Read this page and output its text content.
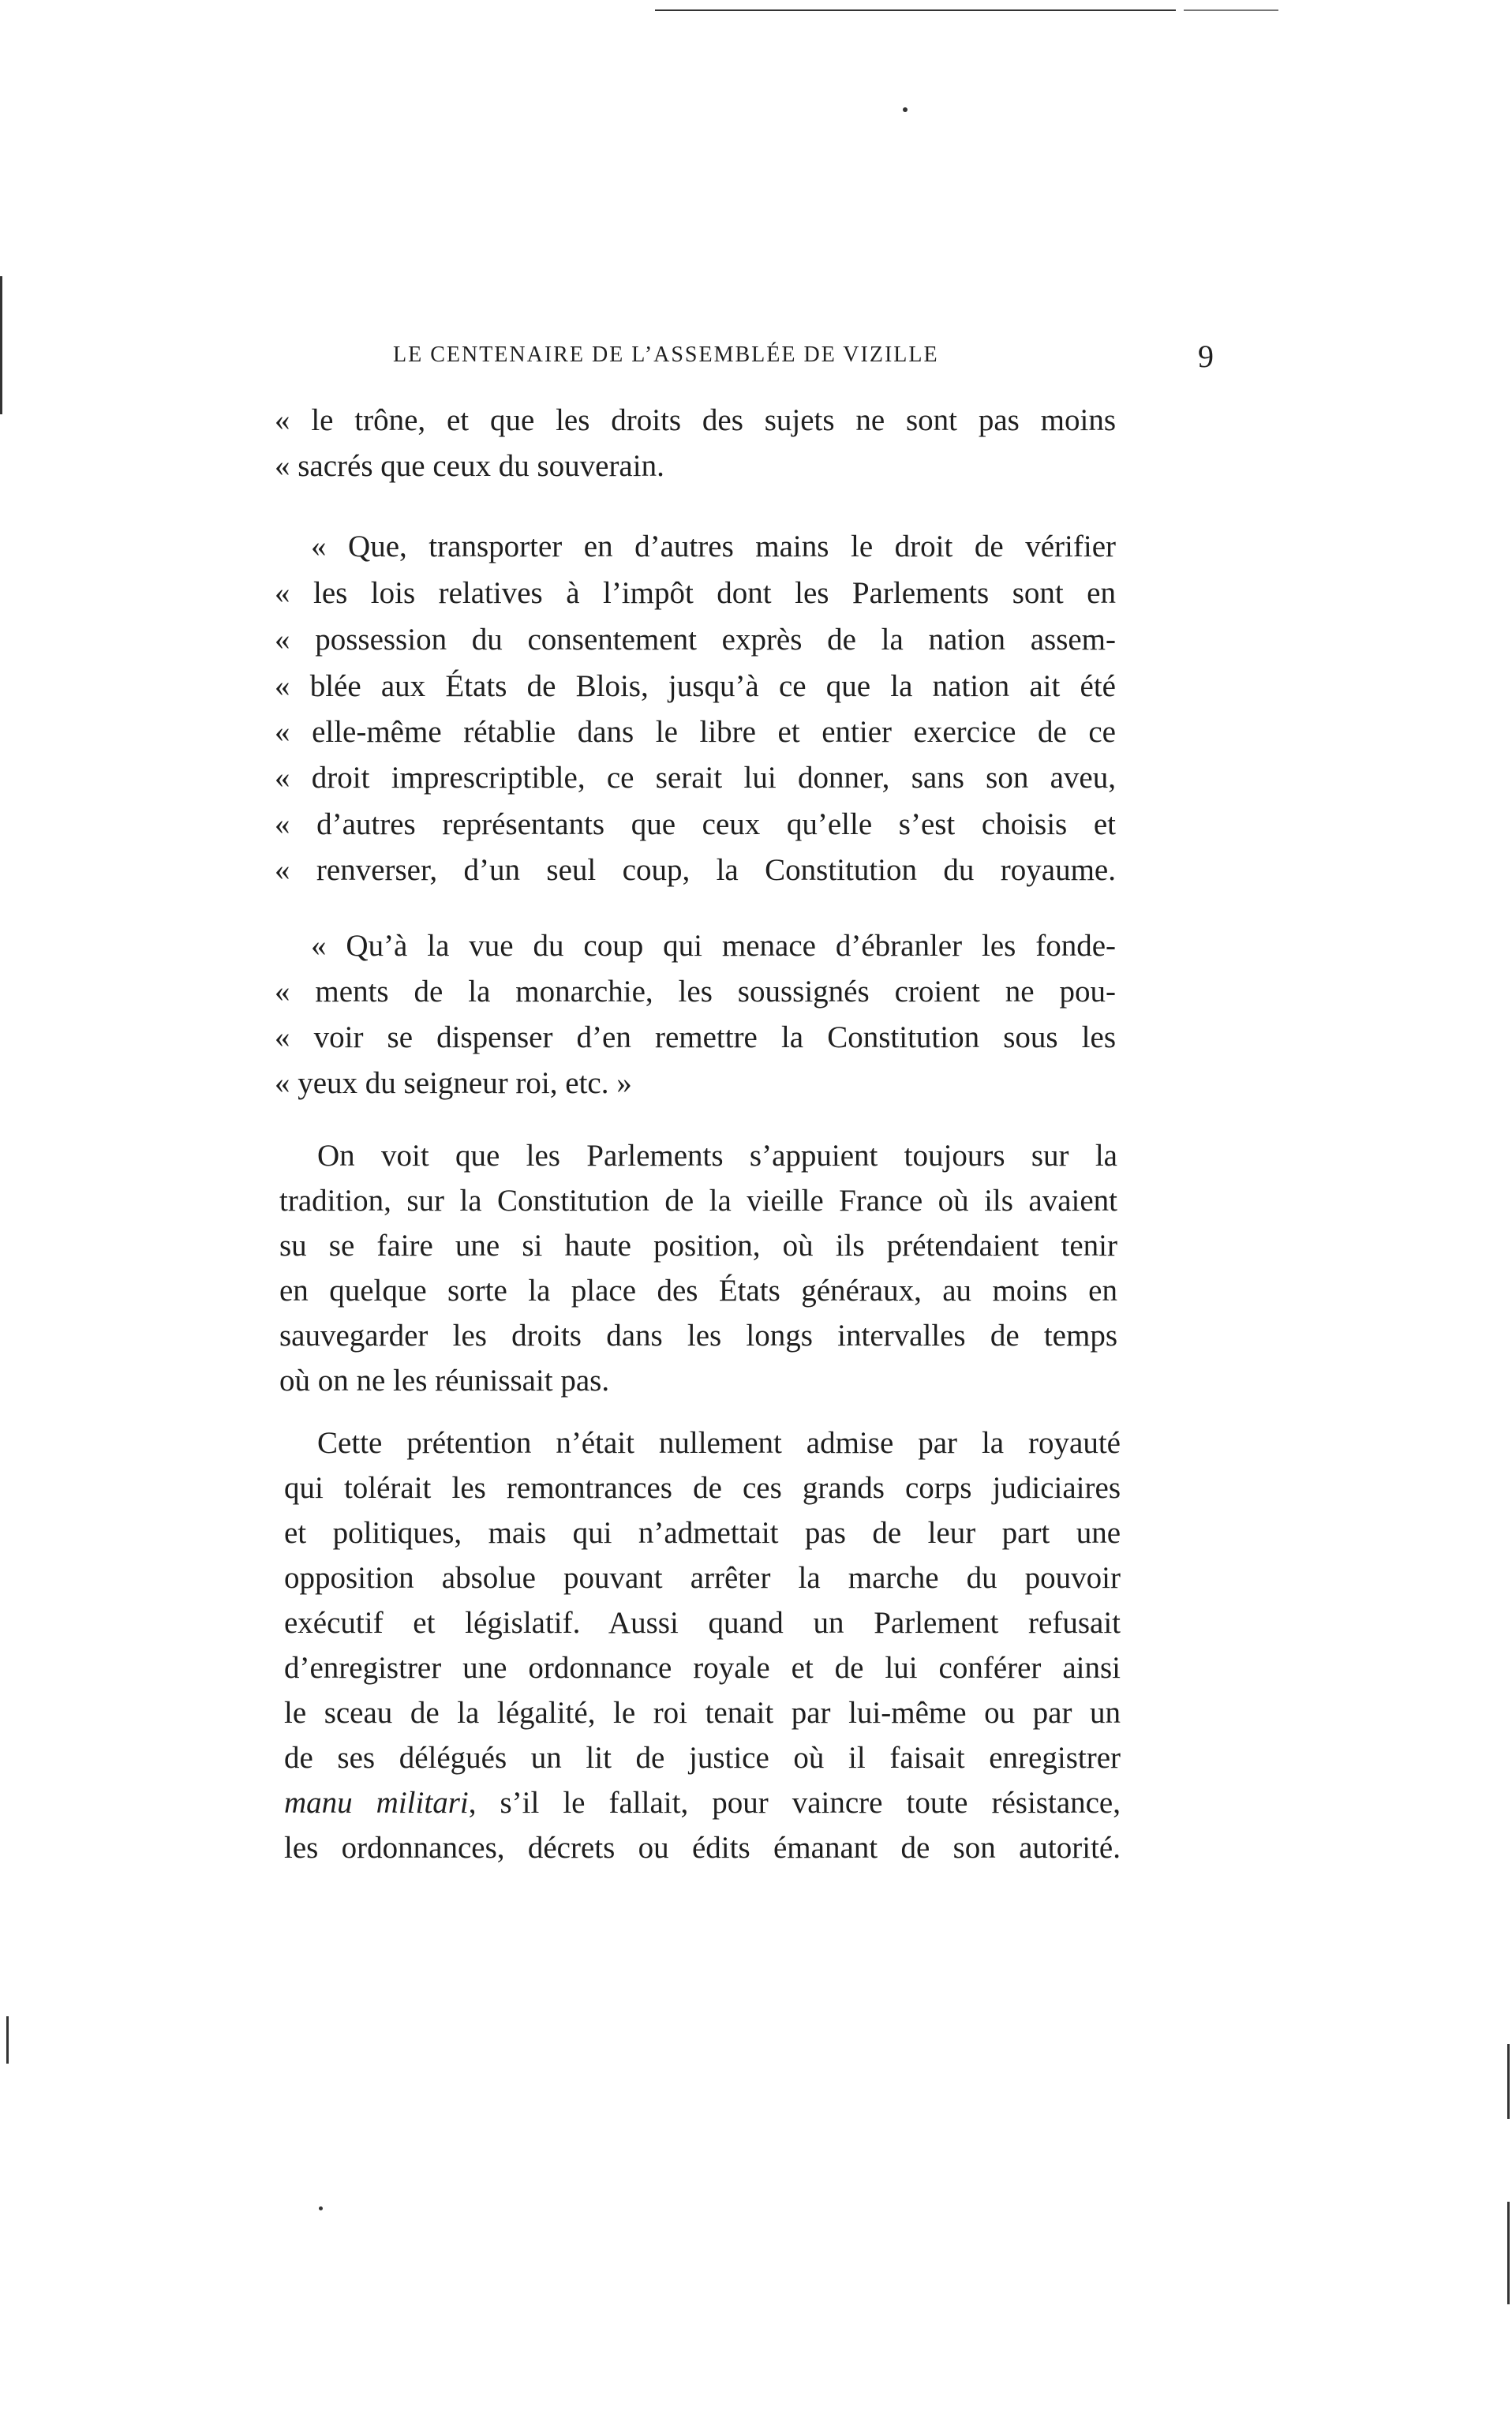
LE CENTENAIRE DE L’ASSEMBLÉE DE VIZILLE	9
« le trône, et que les droits des sujets ne sont pas moins
« sacrés que ceux du souverain.
« Que, transporter en d’autres mains le droit de vérifier
« les lois relatives à l’impôt dont les Parlements sont en
« possession du consentement exprès de la nation assem-
« blée aux États de Blois, jusqu’à ce que la nation ait été
« elle-même rétablie dans le libre et entier exercice de ce
« droit imprescriptible, ce serait lui donner, sans son aveu,
« d’autres représentants que ceux qu’elle s’est choisis et
« renverser, d’un seul coup, la Constitution du royaume.
« Qu’à la vue du coup qui menace d’ébranler les fonde-
« ments de la monarchie, les soussignés croient ne pou-
« voir se dispenser d’en remettre la Constitution sous les
« yeux du seigneur roi, etc. »
On voit que les Parlements s’appuient toujours sur la
tradition, sur la Constitution de la vieille France où ils avaient
su se faire une si haute position, où ils prétendaient tenir
en quelque sorte la place des États généraux, au moins en
sauvegarder les droits dans les longs intervalles de temps
où on ne les réunissait pas.
Cette prétention n’était nullement admise par la royauté
qui tolérait les remontrances de ces grands corps judiciaires
et politiques, mais qui n’admettait pas de leur part une
opposition absolue pouvant arrêter la marche du pouvoir
exécutif et législatif. Aussi quand un Parlement refusait
d’enregistrer une ordonnance royale et de lui conférer ainsi
le sceau de la légalité, le roi tenait par lui-même ou par un
de ses délégués un lit de justice où il faisait enregistrer
manu militari, s’il le fallait, pour vaincre toute résistance,
les ordonnances, décrets ou édits émanant de son autorité.
